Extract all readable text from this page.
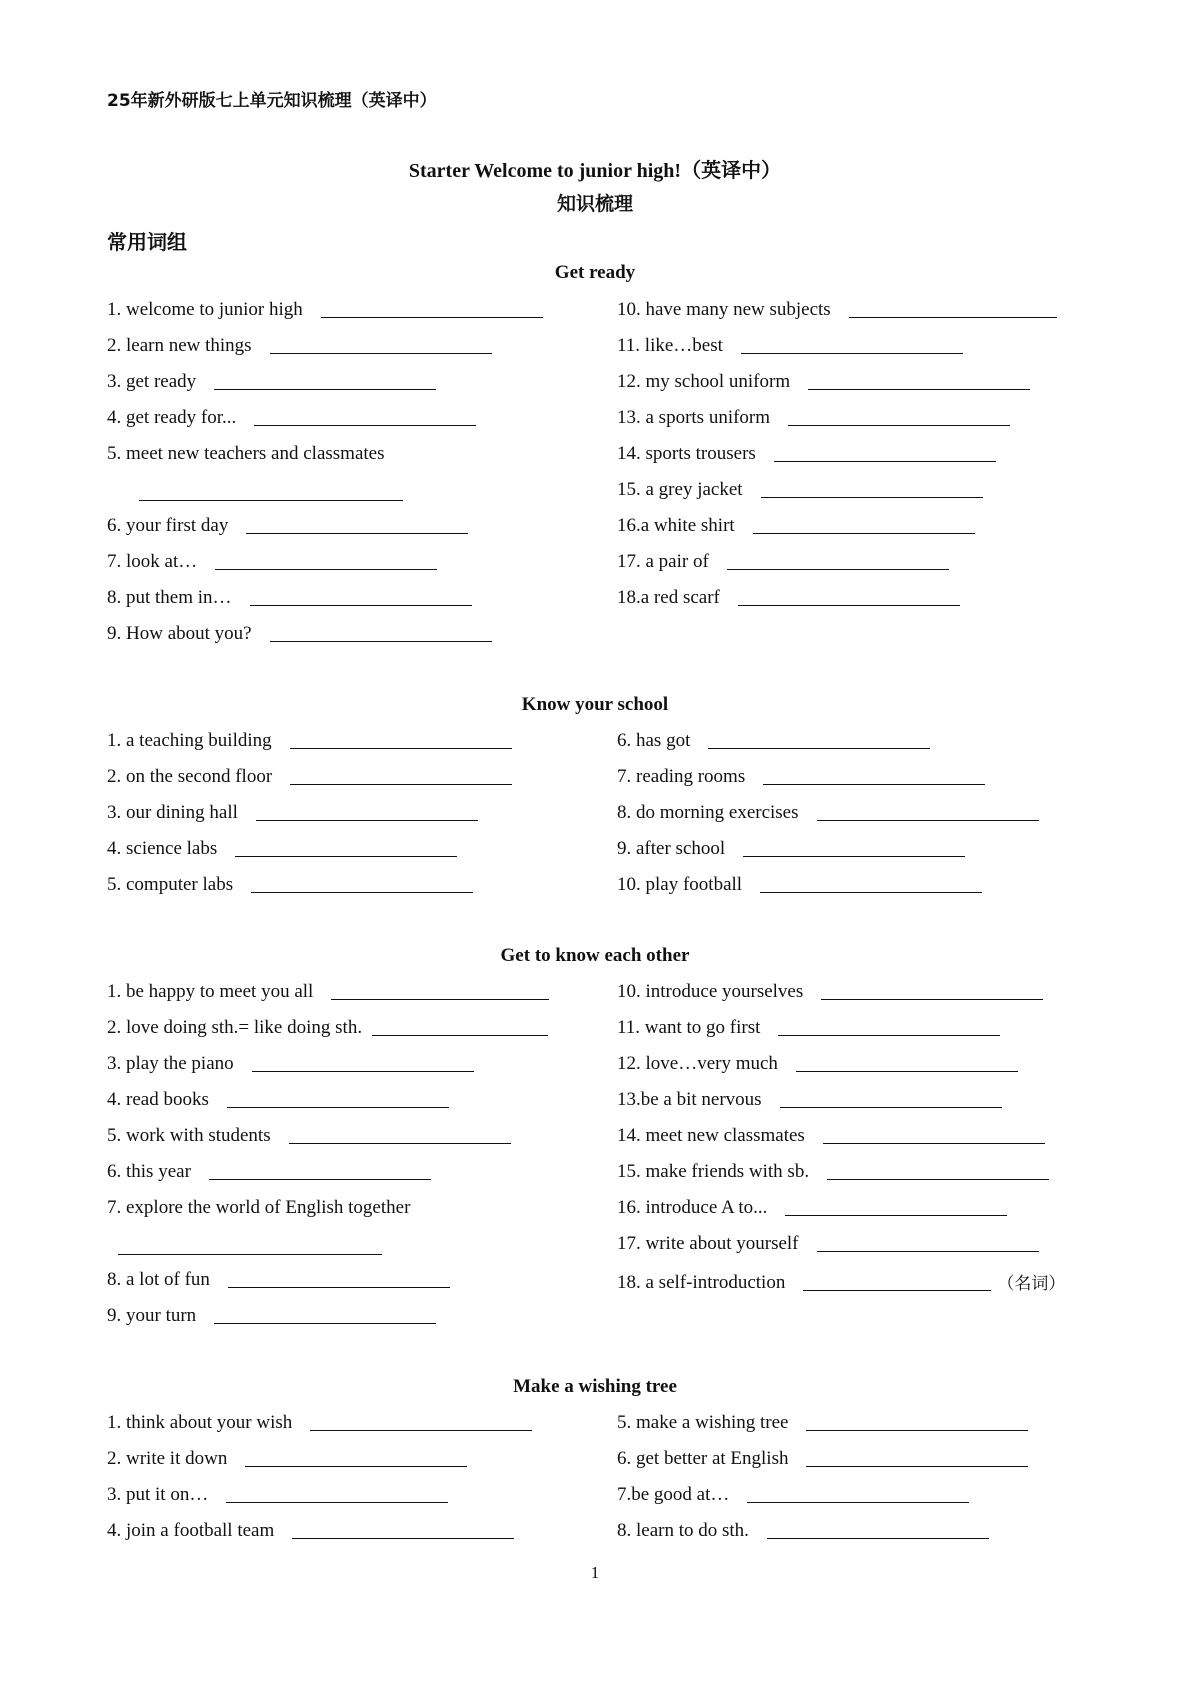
25年新外研版七上单元知识梳理（英译中）
Starter Welcome to junior high!（英译中）
知识梳理
常用词组
Get ready
1. welcome to junior high
2. learn new things
3. get ready
4. get ready for...
5. meet new teachers and classmates
6. your first day
7. look at…
8. put them in…
9. How about you?
10. have many new subjects
11. like…best
12. my school uniform
13. a sports uniform
14. sports trousers
15. a grey jacket
16.a white shirt
17. a pair of
18.a red scarf
Know your school
1. a teaching building
2. on the second floor
3. our dining hall
4. science labs
5. computer labs
6. has got
7. reading rooms
8. do morning exercises
9. after school
10. play football
Get to know each other
1. be happy to meet you all
2. love doing sth.= like doing sth.
3. play the piano
4. read books
5. work with students
6. this year
7. explore the world of English together
8. a lot of fun
9. your turn
10. introduce yourselves
11. want to go first
12. love…very much
13.be a bit nervous
14. meet new classmates
15. make friends with sb.
16. introduce A to...
17. write about yourself
18. a self-introduction	（名词）
Make a wishing tree
1. think about your wish
2. write it down
3. put it on…
4. join a football team
5. make a wishing tree
6. get better at English
7.be good at…
8. learn to do sth.
1
